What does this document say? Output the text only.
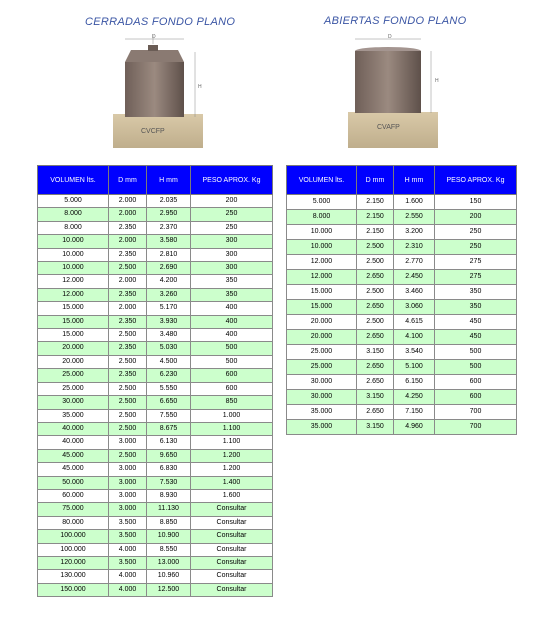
CERRADAS FONDO PLANO
D
H
CVCFP
ABIERTAS FONDO PLANO
D
H
CVAFP
VOLUMEN lts.	D mm	H mm	PESO APROX. Kg
5.000	2.000	2.035	200
8.000	2.000	2.950	250
8.000	2.350	2.370	250
10.000	2.000	3.580	300
10.000	2.350	2.810	300
10.000	2.500	2.690	300
12.000	2.000	4.200	350
12.000	2.350	3.260	350
15.000	2.000	5.170	400
15.000	2.350	3.930	400
15.000	2.500	3.480	400
20.000	2.350	5.030	500
20.000	2.500	4.500	500
25.000	2.350	6.230	600
25.000	2.500	5.550	600
30.000	2.500	6.650	850
35.000	2.500	7.550	1.000
40.000	2.500	8.675	1.100
40.000	3.000	6.130	1.100
45.000	2.500	9.650	1.200
45.000	3.000	6.830	1.200
50.000	3.000	7.530	1.400
60.000	3.000	8.930	1.600
75.000	3.000	11.130	Consultar
80.000	3.500	8.850	Consultar
100.000	3.500	10.900	Consultar
100.000	4.000	8.550	Consultar
120.000	3.500	13.000	Consultar
130.000	4.000	10.960	Consultar
150.000	4.000	12.500	Consultar
VOLUMEN lts.	D mm	H mm	PESO APROX. Kg
5.000	2.150	1.600	150
8.000	2.150	2.550	200
10.000	2.150	3.200	250
10.000	2.500	2.310	250
12.000	2.500	2.770	275
12.000	2.650	2.450	275
15.000	2.500	3.460	350
15.000	2.650	3.060	350
20.000	2.500	4.615	450
20.000	2.650	4.100	450
25.000	3.150	3.540	500
25.000	2.650	5.100	500
30.000	2.650	6.150	600
30.000	3.150	4.250	600
35.000	2.650	7.150	700
35.000	3.150	4.960	700
